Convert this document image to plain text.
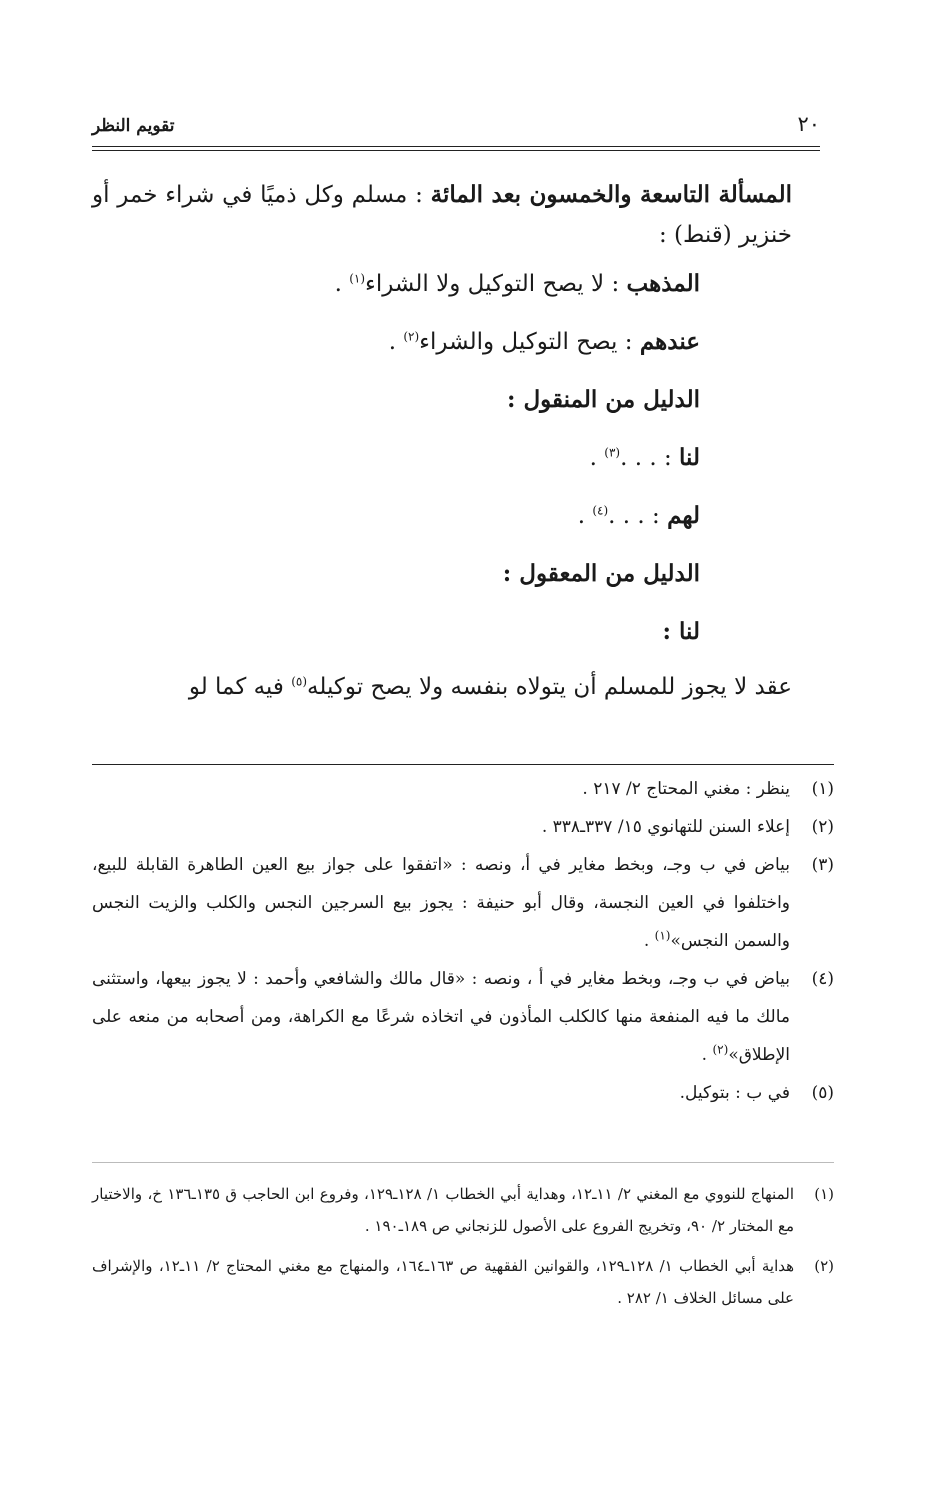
٢٠
تقويم النظر

المسألة التاسعة والخمسون بعد المائة : مسلم وكل ذميًا في شراء خمر أو خنزير (قنط) :

المذهب : لا يصح التوكيل ولا الشراء$^{(١)}$ .

عندهم : يصح التوكيل والشراء$^{(٢)}$ .

الدليل من المنقول :

لنا : . . .$^{(٣)}$ .

لهم : . . .$^{(٤)}$ .

الدليل من المعقول :

لنا :

عقد لا يجوز للمسلم أن يتولاه بنفسه ولا يصح توكيله$^{(٥)}$ فيه كما لو

(١)
ينظر : مغني المحتاج ٢/ ٢١٧ .
(٢)
إعلاء السنن للتهانوي ١٥/ ٣٣٧ـ٣٣٨ .
(٣)
بياض في ب وجـ، وبخط مغاير في أ، ونصه : «اتفقوا على جواز بيع العين الطاهرة القابلة للبيع، واختلفوا في العين النجسة، وقال أبو حنيفة : يجوز بيع السرجين النجس والكلب والزيت النجس والسمن النجس»$^{(١)}$ .
(٤)
بياض في ب وجـ، وبخط مغاير في أ ، ونصه : «قال مالك والشافعي وأحمد : لا يجوز بيعها، واستثنى مالك ما فيه المنفعة منها كالكلب المأذون في اتخاذه شرعًا مع الكراهة، ومن أصحابه من منعه على الإطلاق»$^{(٢)}$ .
(٥)
في ب : بتوكيل.
(١)
المنهاج للنووي مع المغني ٢/ ١١ـ١٢، وهداية أبي الخطاب ١/ ١٢٨ـ١٢٩، وفروع ابن الحاجب ق ١٣٥ـ١٣٦ خ، والاختيار مع المختار ٢/ ٩٠، وتخريج الفروع على الأصول للزنجاني ص ١٨٩ـ١٩٠ .
(٢)
هداية أبي الخطاب ١/ ١٢٨ـ١٢٩، والقوانين الفقهية ص ١٦٣ـ١٦٤، والمنهاج مع مغني المحتاج ٢/ ١١ـ١٢، والإشراف على مسائل الخلاف ١/ ٢٨٢ .
